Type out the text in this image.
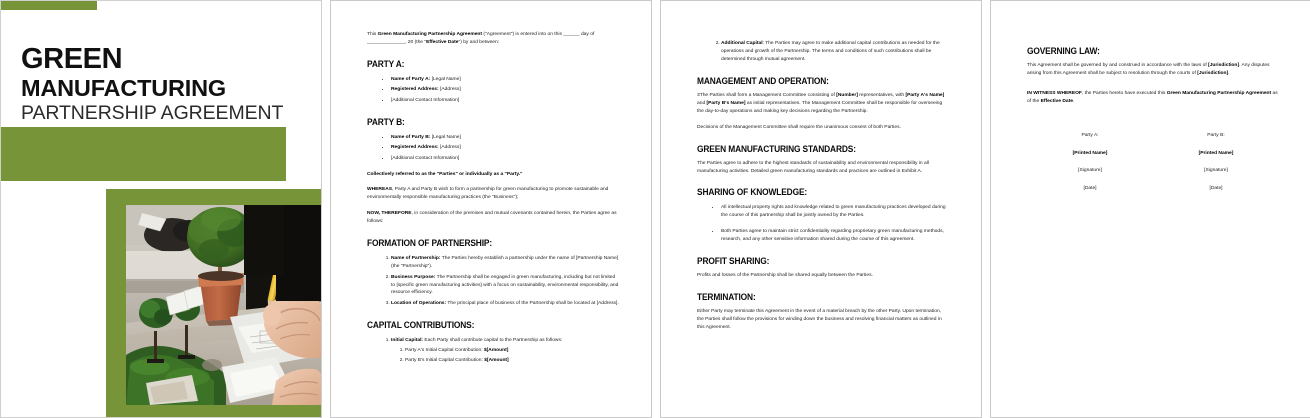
GREEN
MANUFACTURING
PARTNERSHIP AGREEMENT

This Green Manufacturing Partnership Agreement ("Agreement") is entered into on this ______ day of ______________, 20 (the "Effective Date") by and between:

PARTY A:
• Name of Party A: [Legal Name]
• Registered Address: [Address]
• [Additional Contact Information]
PARTY B:
• Name of Party B: [Legal Name]
• Registered Address: [Address]
• [Additional Contact Information]

Collectively referred to as the "Parties" or individually as a "Party."

WHEREAS, Party A and Party B wish to form a partnership for green manufacturing to promote sustainable and environmentally responsible manufacturing practices (the "Business");

NOW, THEREFORE, in consideration of the premises and mutual covenants contained herein, the Parties agree as follows:

FORMATION OF PARTNERSHIP:
1. Name of Partnership: The Parties hereby establish a partnership under the name of [Partnership Name] (the "Partnership").
2. Business Purpose: The Partnership shall be engaged in green manufacturing, including but not limited to [specific green manufacturing activities] with a focus on sustainability, environmental responsibility, and resource efficiency.
3. Location of Operations: The principal place of business of the Partnership shall be located at [Address].
CAPITAL CONTRIBUTIONS:
1. Initial Capital: Each Party shall contribute capital to the Partnership as follows:
1. Party A's Initial Capital Contribution: $[Amount]
2. Party B's Initial Capital Contribution: $[Amount]
2. Additional Capital: The Parties may agree to make additional capital contributions as needed for the operations and growth of the Partnership. The terms and conditions of such contributions shall be determined through mutual agreement.
MANAGEMENT AND OPERATION:

3The Parties shall form a Management Committee consisting of [Number] representatives, with [Party A's Name] and [Party B's Name] as initial representatives. The Management Committee shall be responsible for overseeing the day-to-day operations and making key decisions regarding the Partnership.

Decisions of the Management Committee shall require the unanimous consent of both Parties.

GREEN MANUFACTURING STANDARDS:

The Parties agree to adhere to the highest standards of sustainability and environmental responsibility in all manufacturing activities. Detailed green manufacturing standards and practices are outlined in Exhibit A.

SHARING OF KNOWLEDGE:
• All intellectual property rights and knowledge related to green manufacturing practices developed during the course of this partnership shall be jointly owned by the Parties.
• Both Parties agree to maintain strict confidentiality regarding proprietary green manufacturing methods, research, and any other sensitive information shared during the course of this agreement.
PROFIT SHARING:

Profits and losses of the Partnership shall be shared equally between the Parties.

TERMINATION:

Either Party may terminate this Agreement in the event of a material breach by the other Party. Upon termination, the Parties shall follow the provisions for winding down the business and resolving financial matters as outlined in this Agreement.

GOVERNING LAW:

This Agreement shall be governed by and construed in accordance with the laws of [Jurisdiction]. Any disputes arising from this Agreement shall be subject to resolution through the courts of [Jurisdiction].

IN WITNESS WHEREOF, the Parties hereto have executed this Green Manufacturing Partnership Agreement as of the Effective Date.

Party A:
[Printed Name]
[Signature]
[Date]
Party B:
[Printed Name]
[Signature]
[Date]
